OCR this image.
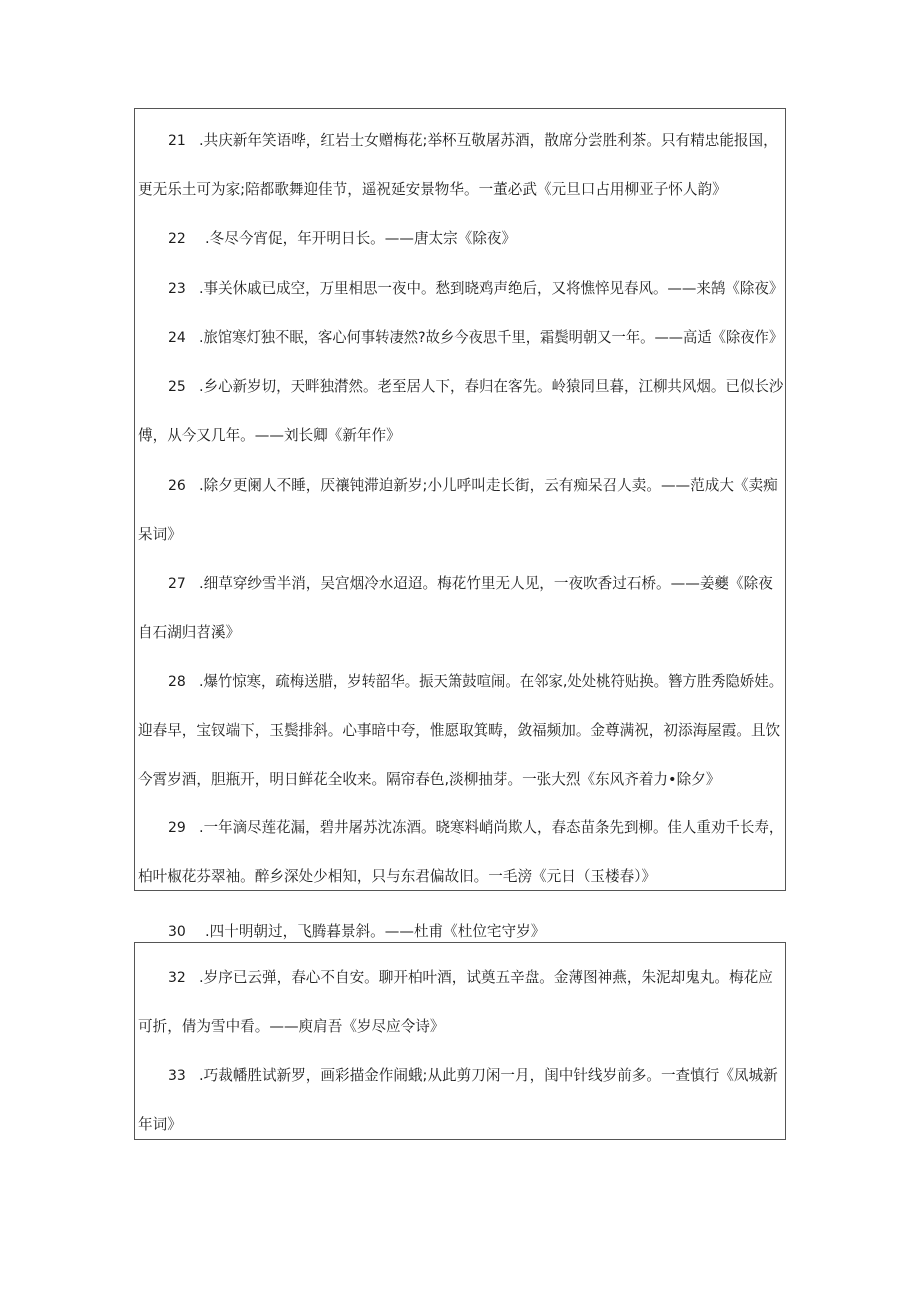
21 .共庆新年笑语哗，红岩士女赠梅花;举杯互敬屠苏酒，散席分尝胜利茶。只有精忠能报国，
更无乐土可为家;陪都歌舞迎佳节，遥祝延安景物华。一董必武《元旦口占用柳亚子怀人韵》
22 .冬尽今宵促，年开明日长。——唐太宗《除夜》
23 .事关休戚已成空，万里相思一夜中。愁到晓鸡声绝后，又将憔悴见春风。——来鹄《除夜》
24 .旅馆寒灯独不眠，客心何事转凄然?故乡今夜思千里，霜鬓明朝又一年。——高适《除夜作》
25 .乡心新岁切，天畔独潸然。老至居人下，春归在客先。岭猿同旦暮，江柳共风烟。已似长沙
傅，从今又几年。——刘长卿《新年作》
26 .除夕更阑人不睡，厌禳钝滞迫新岁;小儿呼叫走长街，云有痴呆召人卖。——范成大《卖痴
呆词》
27 .细草穿纱雪半消，吴宫烟冷水迢迢。梅花竹里无人见，一夜吹香过石桥。——姜夔《除夜
自石湖归苕溪》
28 .爆竹惊寒，疏梅送腊，岁转韶华。振天箫鼓喧闹。在邻家,处处桃符贴换。簪方胜秀隐娇娃。
迎春早，宝钗端下，玉鬓排斜。心事暗中夸，惟愿取箕畴，敛福频加。金尊满祝，初添海屋霞。且饮
今霄岁酒，胆瓶开，明日鲜花全收来。隔帘春色,淡柳抽芽。一张大烈《东风齐着力•除夕》
29 .一年滴尽莲花漏，碧井屠苏沈冻酒。晓寒料峭尚欺人，春态苗条先到柳。佳人重劝千长寿，
柏叶椒花芬翠袖。醉乡深处少相知，只与东君偏故旧。一毛滂《元日（玉楼春）》
30 .四十明朝过，飞腾暮景斜。——杜甫《杜位宅守岁》
32 .岁序已云弹，春心不自安。聊开柏叶酒，试奠五辛盘。金薄图神燕，朱泥却鬼丸。梅花应
可折，倩为雪中看。——庾肩吾《岁尽应令诗》
33 .巧裁幡胜试新罗，画彩描金作闹蛾;从此剪刀闲一月，闺中针线岁前多。一查慎行《凤城新
年词》
